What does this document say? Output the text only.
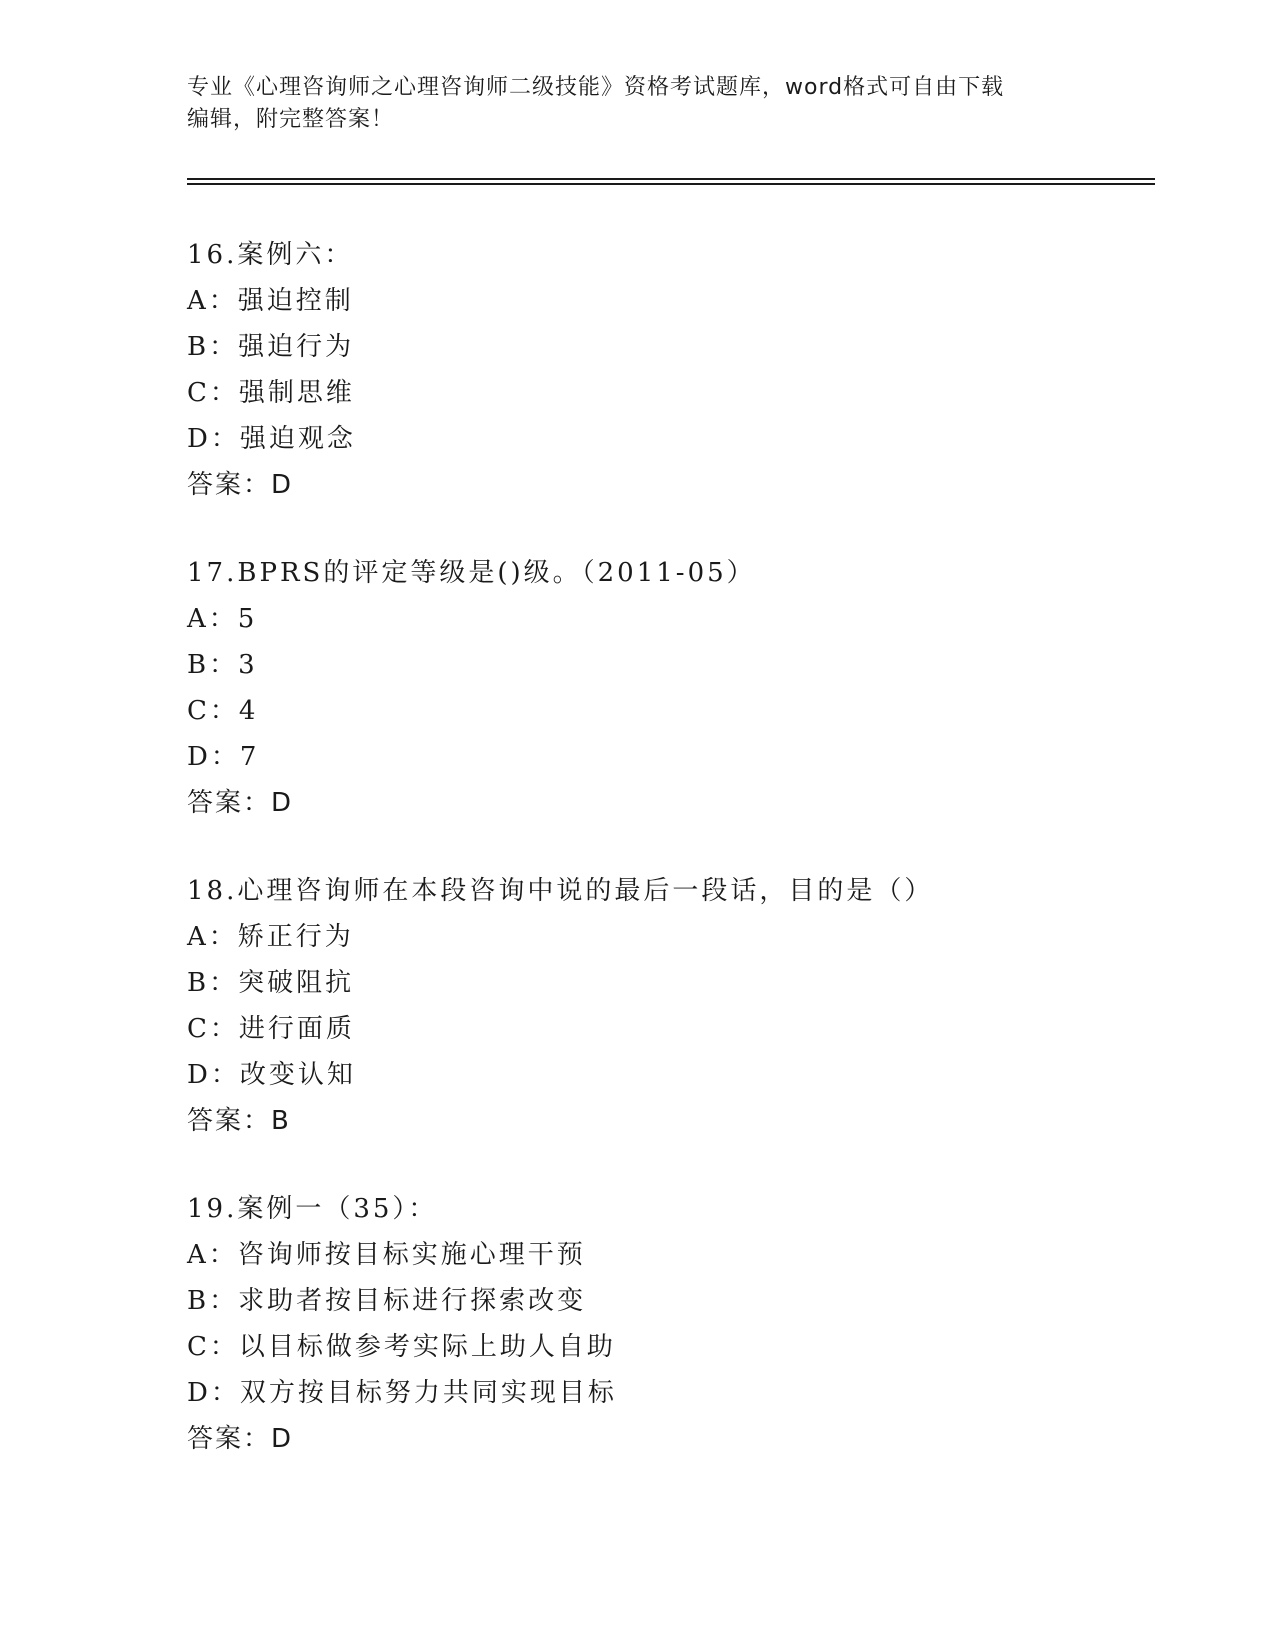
专业《心理咨询师之心理咨询师二级技能》资格考试题库，word格式可自由下载
编辑，附完整答案！
16.案例六：
A：强迫控制
B：强迫行为
C：强制思维
D：强迫观念
答案：D
17.BPRS的评定等级是()级。（2011-05）
A：5
B：3
C：4
D：7
答案：D
18.心理咨询师在本段咨询中说的最后一段话，目的是（）
A：矫正行为
B：突破阻抗
C：进行面质
D：改变认知
答案：B
19.案例一（35）：
A：咨询师按目标实施心理干预
B：求助者按目标进行探索改变
C：以目标做参考实际上助人自助
D：双方按目标努力共同实现目标
答案：D
